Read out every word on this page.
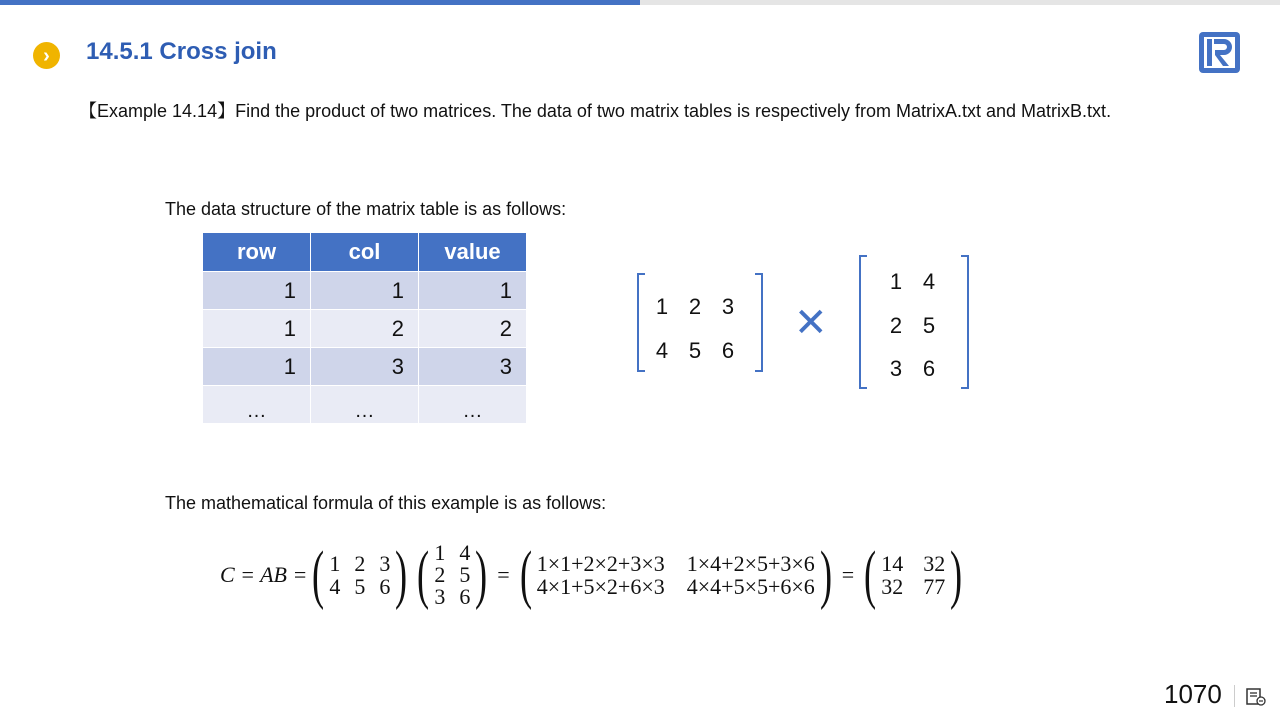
›	14.5.1 Cross join
【Example 14.14】Find the product of two matrices. The data of two matrix tables is respectively from MatrixA.txt and MatrixB.txt.
The data structure of the matrix table is as follows:
row	col	value
1	1	1
1	2	2
1	3	3
…	…	…
1 2 3
4 5 6
✕
1 4
2 5
3 6
The mathematical formula of this example is as follows:
C = AB = ( 1 2 3
4 5 6 ) ( 1 4
2 5
3 6 ) = ( 1×1+2×2+3×3 1×4+2×5+3×6
4×1+5×2+6×3 4×4+5×5+6×6 ) = ( 14 32
32 77 )
1070
